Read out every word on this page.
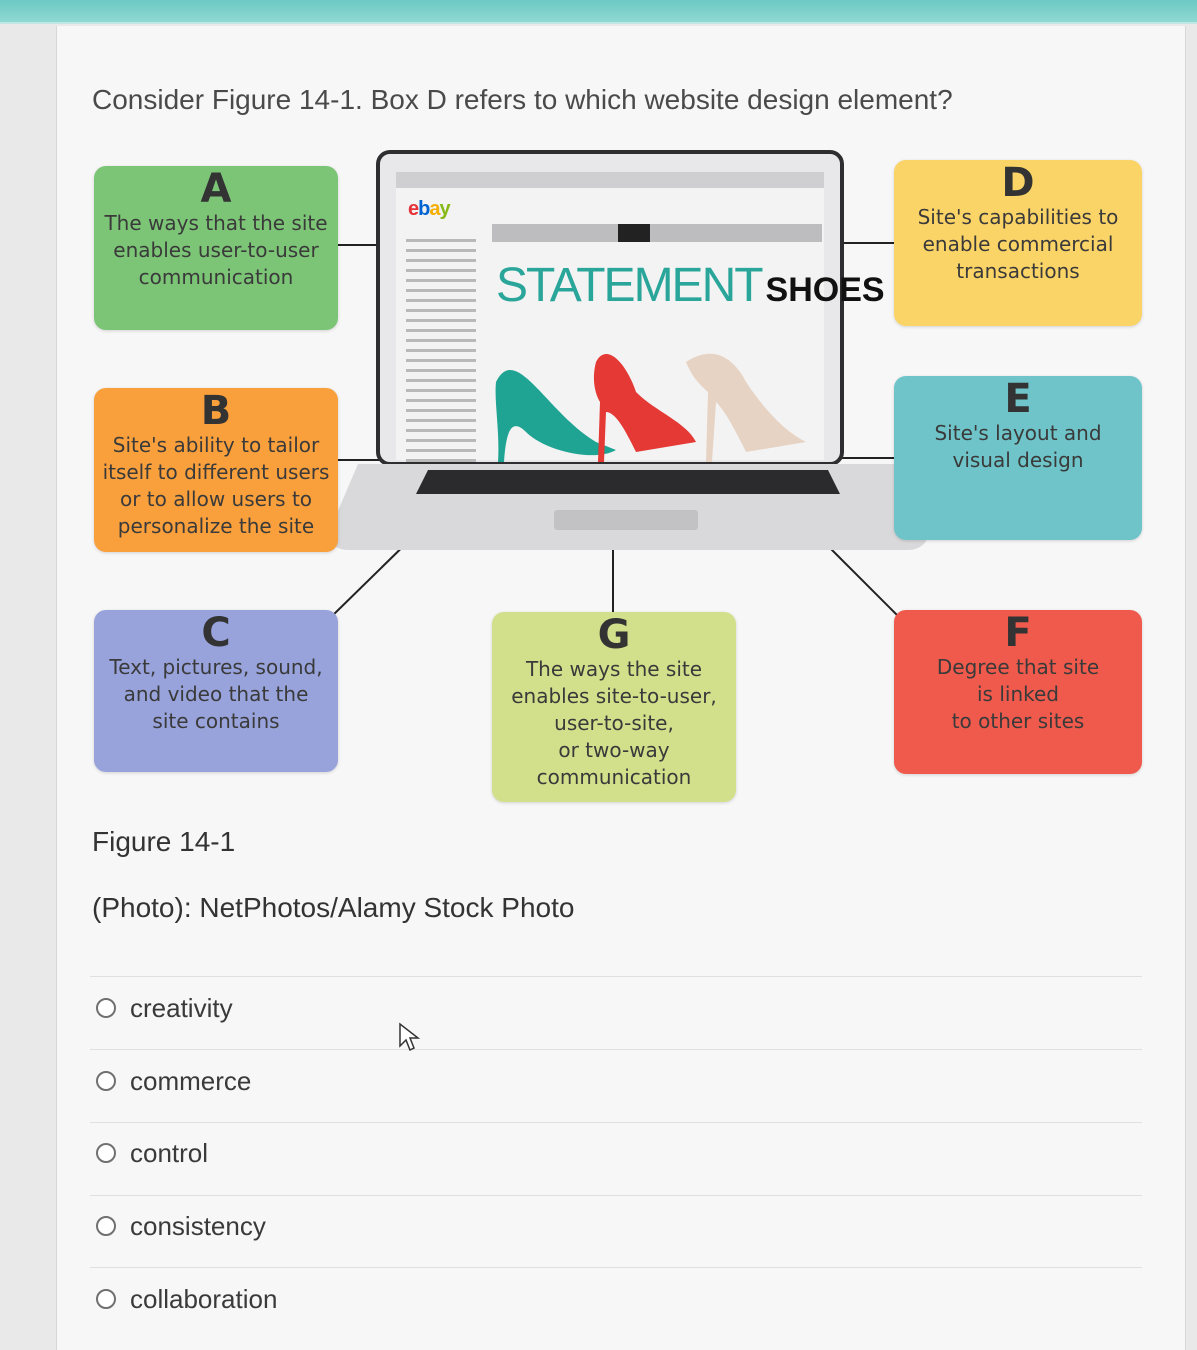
Consider Figure 14-1. Box D refers to which website design element?
ebay
STATEMENT SHOES
A
The ways that the site
enables user-to-user
communication
B
Site's ability to tailor
itself to different users
or to allow users to
personalize the site
C
Text, pictures, sound,
and video that the
site contains
D
Site's capabilities to
enable commercial
transactions
E
Site's layout and
visual design
F
Degree that site
is linked
to other sites
G
The ways the site
enables site-to-user,
user-to-site,
or two-way
communication
Figure 14-1

(Photo): NetPhotos/Alamy Stock Photo

creativity
commerce
control
consistency
collaboration
